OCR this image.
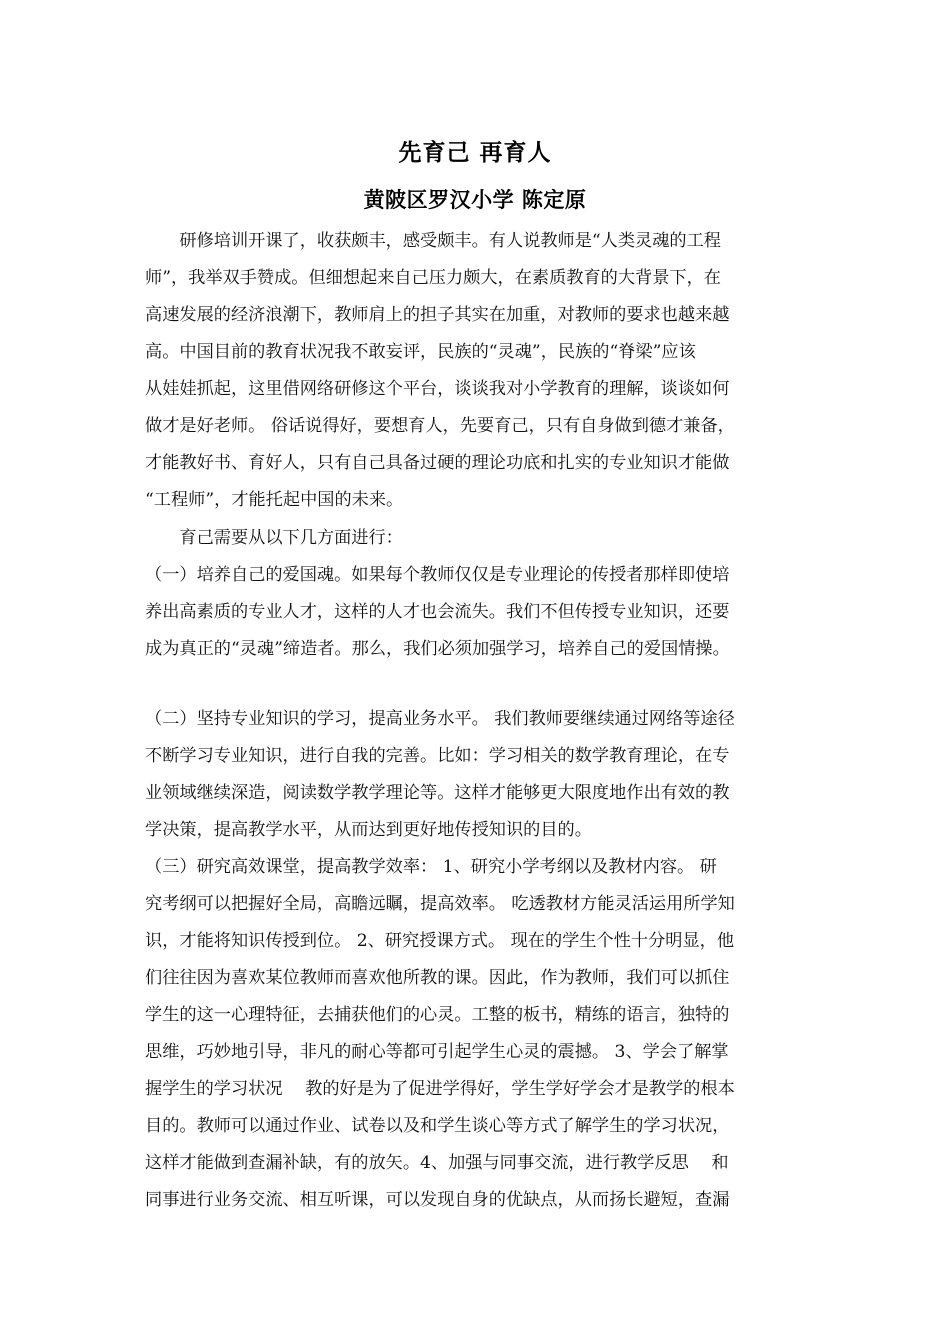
先育己 再育人
黄陂区罗汉小学 陈定原
　　研修培训开课了，收获颇丰，感受颇丰。有人说教师是“人类灵魂的工程
师”，我举双手赞成。但细想起来自己压力颇大，在素质教育的大背景下，在
高速发展的经济浪潮下，教师肩上的担子其实在加重，对教师的要求也越来越
高。中国目前的教育状况我不敢妄评，民族的“灵魂”，民族的“脊梁”应该
从娃娃抓起，这里借网络研修这个平台，谈谈我对小学教育的理解，谈谈如何
做才是好老师。 俗话说得好，要想育人，先要育己，只有自身做到德才兼备，
才能教好书、育好人，只有自己具备过硬的理论功底和扎实的专业知识才能做
“工程师”，才能托起中国的未来。
　　育己需要从以下几方面进行：
（一）培养自己的爱国魂。如果每个教师仅仅是专业理论的传授者那样即使培
养出高素质的专业人才，这样的人才也会流失。我们不但传授专业知识，还要
成为真正的“灵魂”缔造者。那么，我们必须加强学习，培养自己的爱国情操。
（二）坚持专业知识的学习，提高业务水平。 我们教师要继续通过网络等途径
不断学习专业知识，进行自我的完善。比如：学习相关的数学教育理论，在专
业领域继续深造，阅读数学教学理论等。这样才能够更大限度地作出有效的教
学决策，提高教学水平，从而达到更好地传授知识的目的。
（三）研究高效课堂，提高教学效率： 1、研究小学考纲以及教材内容。 研
究考纲可以把握好全局，高瞻远瞩，提高效率。 吃透教材方能灵活运用所学知
识，才能将知识传授到位。 2、研究授课方式。 现在的学生个性十分明显，他
们往往因为喜欢某位教师而喜欢他所教的课。因此，作为教师，我们可以抓住
学生的这一心理特征，去捕获他们的心灵。工整的板书，精练的语言，独特的
思维，巧妙地引导，非凡的耐心等都可引起学生心灵的震撼。 3、学会了解掌
握学生的学习状况 　教的好是为了促进学得好，学生学好学会才是教学的根本
目的。教师可以通过作业、试卷以及和学生谈心等方式了解学生的学习状况，
这样才能做到查漏补缺，有的放矢。4、加强与同事交流，进行教学反思 　和
同事进行业务交流、相互听课，可以发现自身的优缺点，从而扬长避短，查漏
